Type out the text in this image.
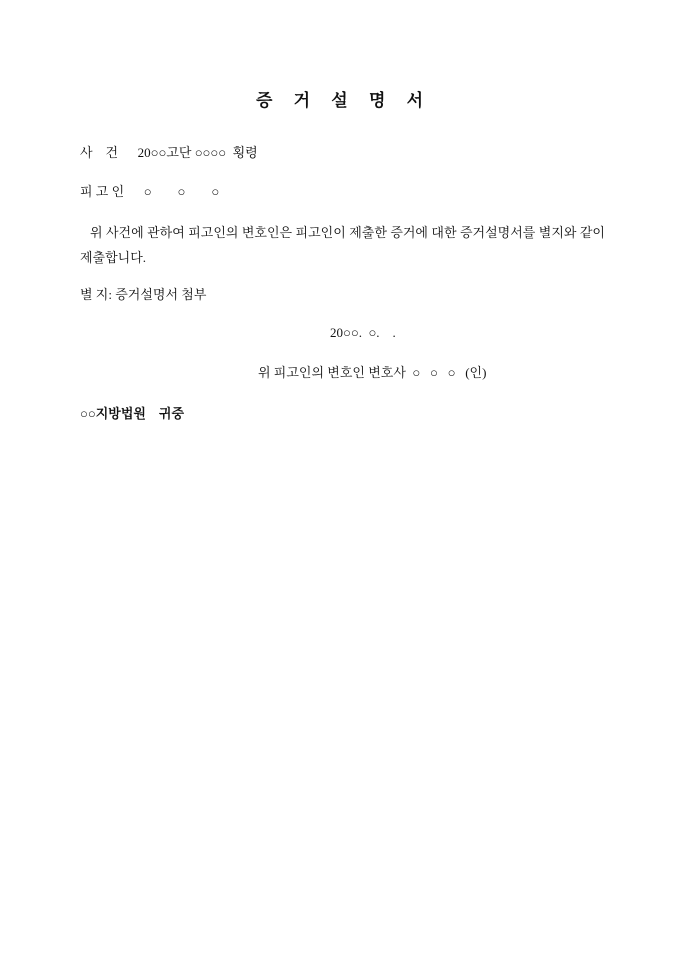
증 거 설 명 서
사    건 20○○고단 ○○○○  횡령
피 고 인 ○        ○        ○
위 사건에 관하여 피고인의 변호인은 피고인이 제출한 증거에 대한 증거설명서를 별지와 같이 제출합니다.
별 지: 증거설명서 첨부
20○○.  ○.    .
위 피고인의 변호인 변호사  ○   ○   ○   (인)
○○지방법원    귀중
